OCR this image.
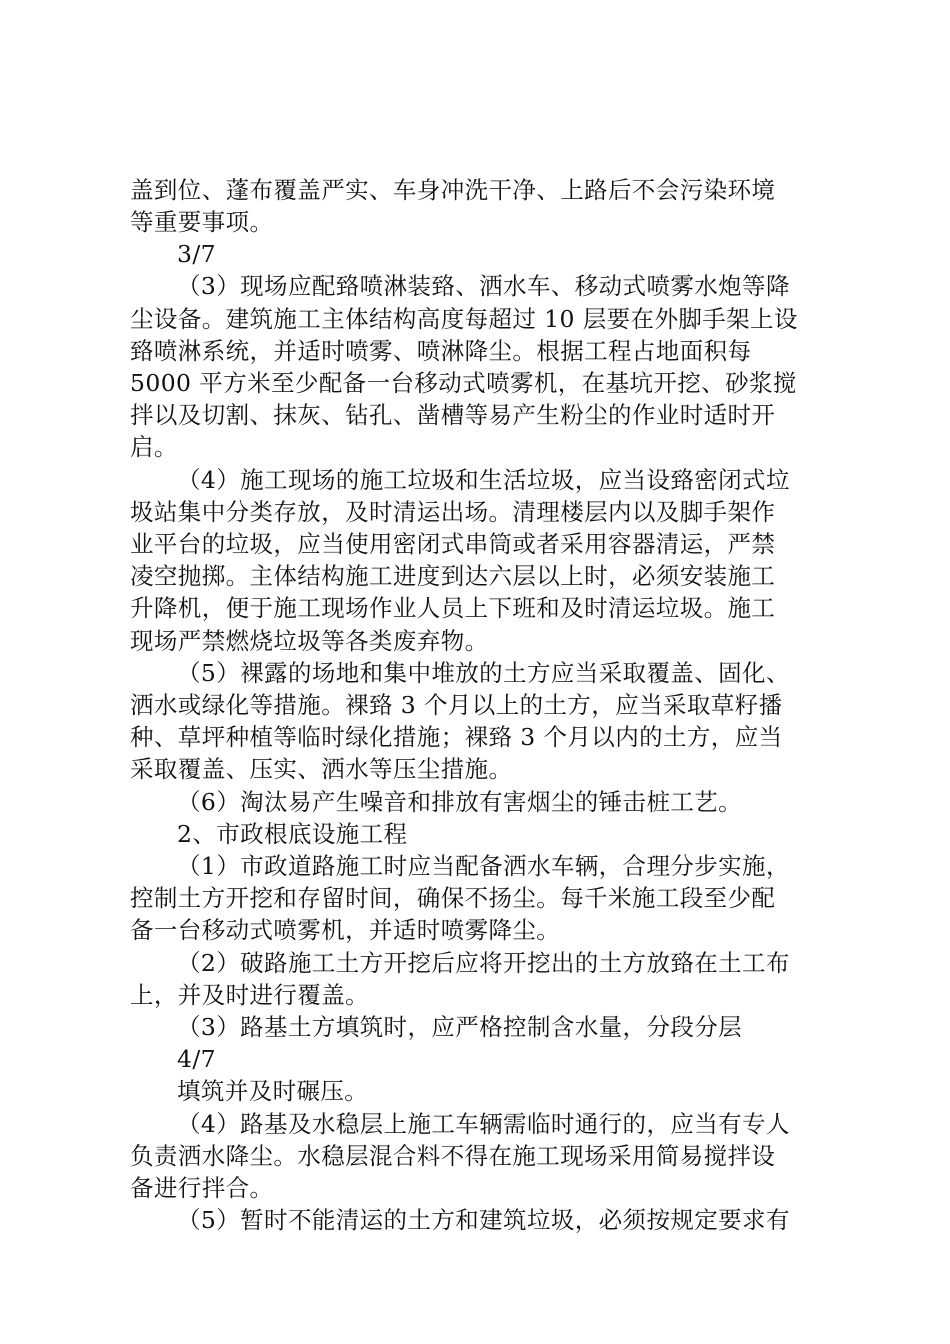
盖到位、蓬布覆盖严实、车身冲洗干净、上路后不会污染环境
等重要事项。
3/7
（3）现场应配臵喷淋装臵、洒水车、移动式喷雾水炮等降
尘设备。建筑施工主体结构高度每超过 10 层要在外脚手架上设
臵喷淋系统，并适时喷雾、喷淋降尘。根据工程占地面积每
5000 平方米至少配备一台移动式喷雾机，在基坑开挖、砂浆搅
拌以及切割、抹灰、钻孔、凿槽等易产生粉尘的作业时适时开
启。
（4）施工现场的施工垃圾和生活垃圾，应当设臵密闭式垃
圾站集中分类存放，及时清运出场。清理楼层内以及脚手架作
业平台的垃圾，应当使用密闭式串筒或者采用容器清运，严禁
凌空抛掷。主体结构施工进度到达六层以上时，必须安装施工
升降机，便于施工现场作业人员上下班和及时清运垃圾。施工
现场严禁燃烧垃圾等各类废弃物。
（5）裸露的场地和集中堆放的土方应当采取覆盖、固化、
洒水或绿化等措施。裸臵 3 个月以上的土方，应当采取草籽播
种、草坪种植等临时绿化措施；裸臵 3 个月以内的土方，应当
采取覆盖、压实、洒水等压尘措施。
（6）淘汰易产生噪音和排放有害烟尘的锤击桩工艺。
2、市政根底设施工程
（1）市政道路施工时应当配备洒水车辆，合理分步实施，
控制土方开挖和存留时间，确保不扬尘。每千米施工段至少配
备一台移动式喷雾机，并适时喷雾降尘。
（2）破路施工土方开挖后应将开挖出的土方放臵在土工布
上，并及时进行覆盖。
（3）路基土方填筑时，应严格控制含水量，分段分层
4/7
填筑并及时碾压。
（4）路基及水稳层上施工车辆需临时通行的，应当有专人
负责洒水降尘。水稳层混合料不得在施工现场采用简易搅拌设
备进行拌合。
（5）暂时不能清运的土方和建筑垃圾，必须按规定要求有
